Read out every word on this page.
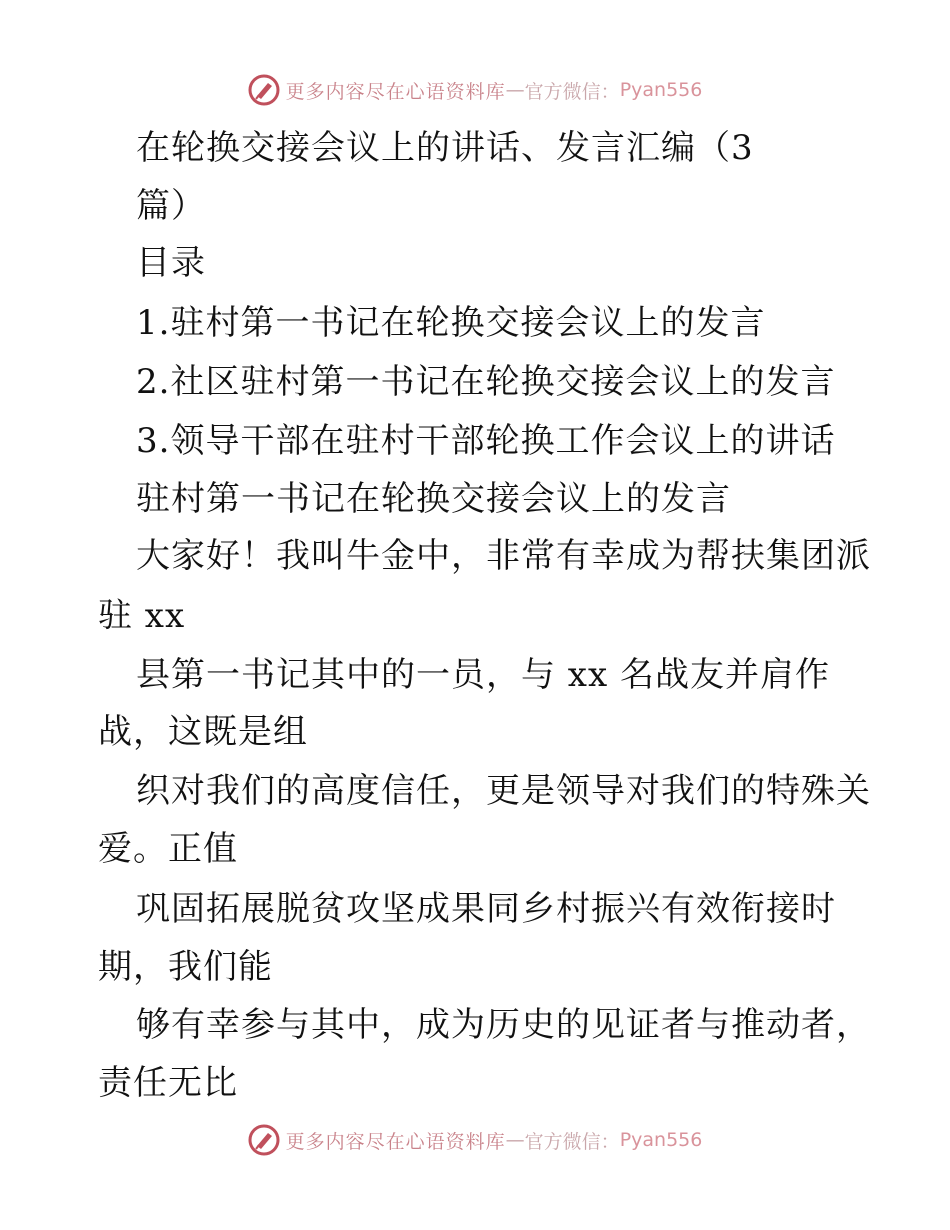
更多内容尽在心语资料库 — 官方微信 ： Pyan556
在轮换交接会议上的讲话、发言汇编（3
篇）
目录
1.驻村第一书记在轮换交接会议上的发言
2.社区驻村第一书记在轮换交接会议上的发言
3.领导干部在驻村干部轮换工作会议上的讲话
驻村第一书记在轮换交接会议上的发言
大家好！我叫牛金中，非常有幸成为帮扶集团派
驻 xx
县第一书记其中的一员，与 xx 名战友并肩作
战，这既是组
织对我们的高度信任，更是领导对我们的特殊关
爱。正值
巩固拓展脱贫攻坚成果同乡村振兴有效衔接时
期，我们能
够有幸参与其中，成为历史的见证者与推动者，
责任无比
更多内容尽在心语资料库 — 官方微信 ： Pyan556
